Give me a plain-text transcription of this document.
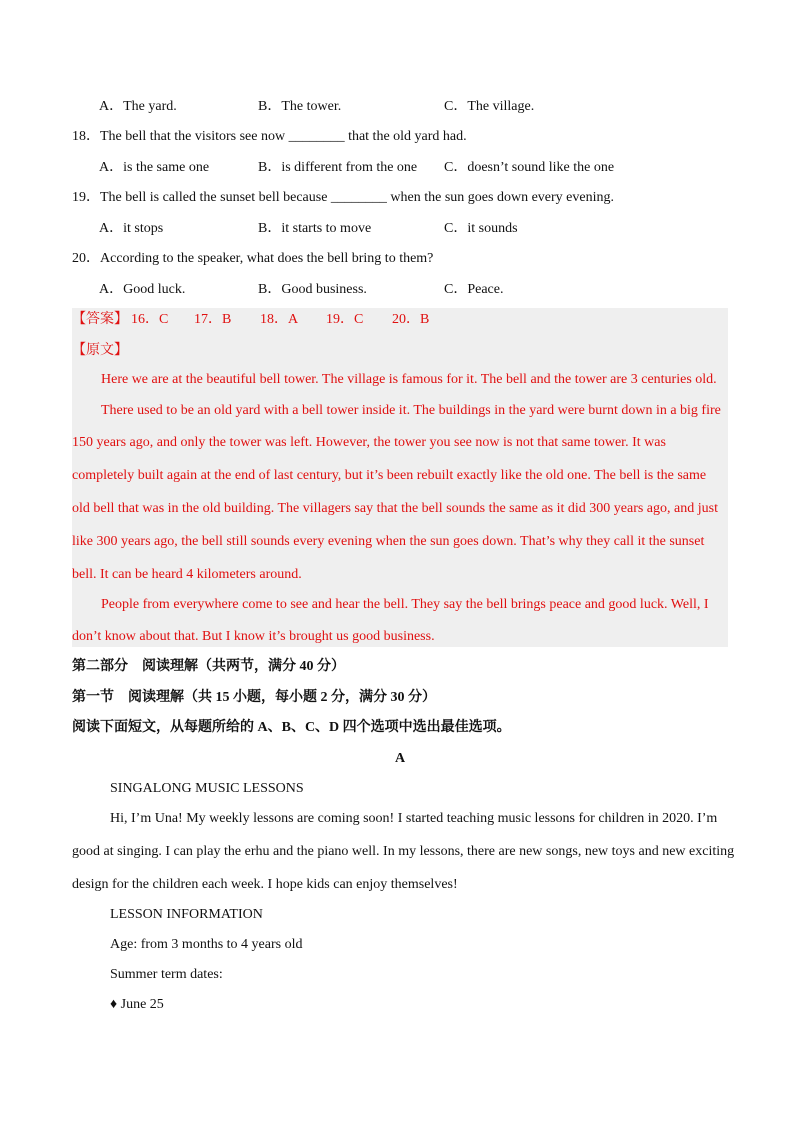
A．The yard.	B．The tower.	C．The village.
18．The bell that the visitors see now ________ that the old yard had.
A．is the same one	B．is different from the one C．doesn’t sound like the one
19．The bell is called the sunset bell because ________ when the sun goes down every evening.
A．it stops	B．it starts to move	C．it sounds
20．According to the speaker, what does the bell bring to them?
A．Good luck.	B．Good business.	C．Peace.
【答案】 16．C 17．B 18．A 19．C 20．B
【原文】
Here we are at the beautiful bell tower. The village is famous for it. The bell and the tower are 3 centuries old.
There used to be an old yard with a bell tower inside it. The buildings in the yard were burnt down in a big fire
150 years ago, and only the tower was left. However, the tower you see now is not that same tower. It was
completely built again at the end of last century, but it’s been rebuilt exactly like the old one. The bell is the same
old bell that was in the old building. The villagers say that the bell sounds the same as it did 300 years ago, and just
like 300 years ago, the bell still sounds every evening when the sun goes down. That’s why they call it the sunset
bell. It can be heard 4 kilometers around.
People from everywhere come to see and hear the bell. They say the bell brings peace and good luck. Well, I
don’t know about that. But I know it’s brought us good business.
第二部分　阅读理解（共两节，满分 40 分）
第一节　阅读理解（共 15 小题，每小题 2 分，满分 30 分）
阅读下面短文，从每题所给的 A、B、C、D 四个选项中选出最佳选项。
A
SINGALONG MUSIC LESSONS
Hi, I’m Una! My weekly lessons are coming soon! I started teaching music lessons for children in 2020. I’m
good at singing. I can play the erhu and the piano well. In my lessons, there are new songs, new toys and new exciting
design for the children each week. I hope kids can enjoy themselves!
LESSON INFORMATION
Age: from 3 months to 4 years old
Summer term dates:
♦ June 25
